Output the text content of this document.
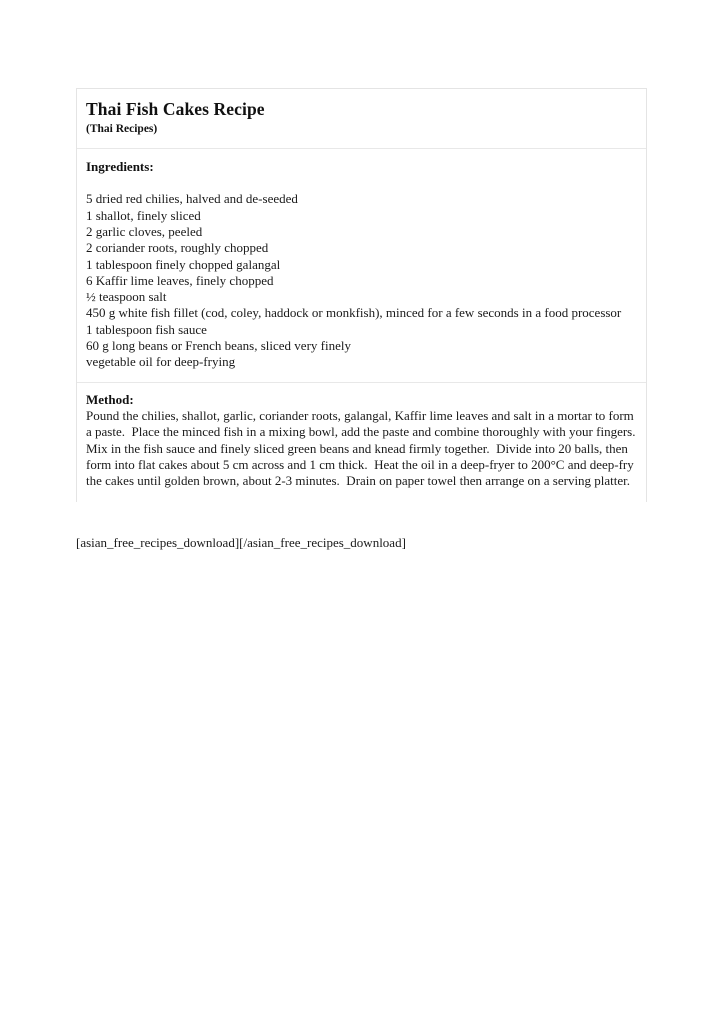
Thai Fish Cakes Recipe
(Thai Recipes)
Ingredients:
5 dried red chilies, halved and de-seeded
1 shallot, finely sliced
2 garlic cloves, peeled
2 coriander roots, roughly chopped
1 tablespoon finely chopped galangal
6 Kaffir lime leaves, finely chopped
½ teaspoon salt
450 g white fish fillet (cod, coley, haddock or monkfish), minced for a few seconds in a food processor
1 tablespoon fish sauce
60 g long beans or French beans, sliced very finely
vegetable oil for deep-frying
Method:
Pound the chilies, shallot, garlic, coriander roots, galangal, Kaffir lime leaves and salt in a mortar to form a paste.  Place the minced fish in a mixing bowl, add the paste and combine thoroughly with your fingers.  Mix in the fish sauce and finely sliced green beans and knead firmly together.  Divide into 20 balls, then form into flat cakes about 5 cm across and 1 cm thick.  Heat the oil in a deep-fryer to 200°C and deep-fry the cakes until golden brown, about 2-3 minutes.  Drain on paper towel then arrange on a serving platter.
[asian_free_recipes_download][/asian_free_recipes_download]
